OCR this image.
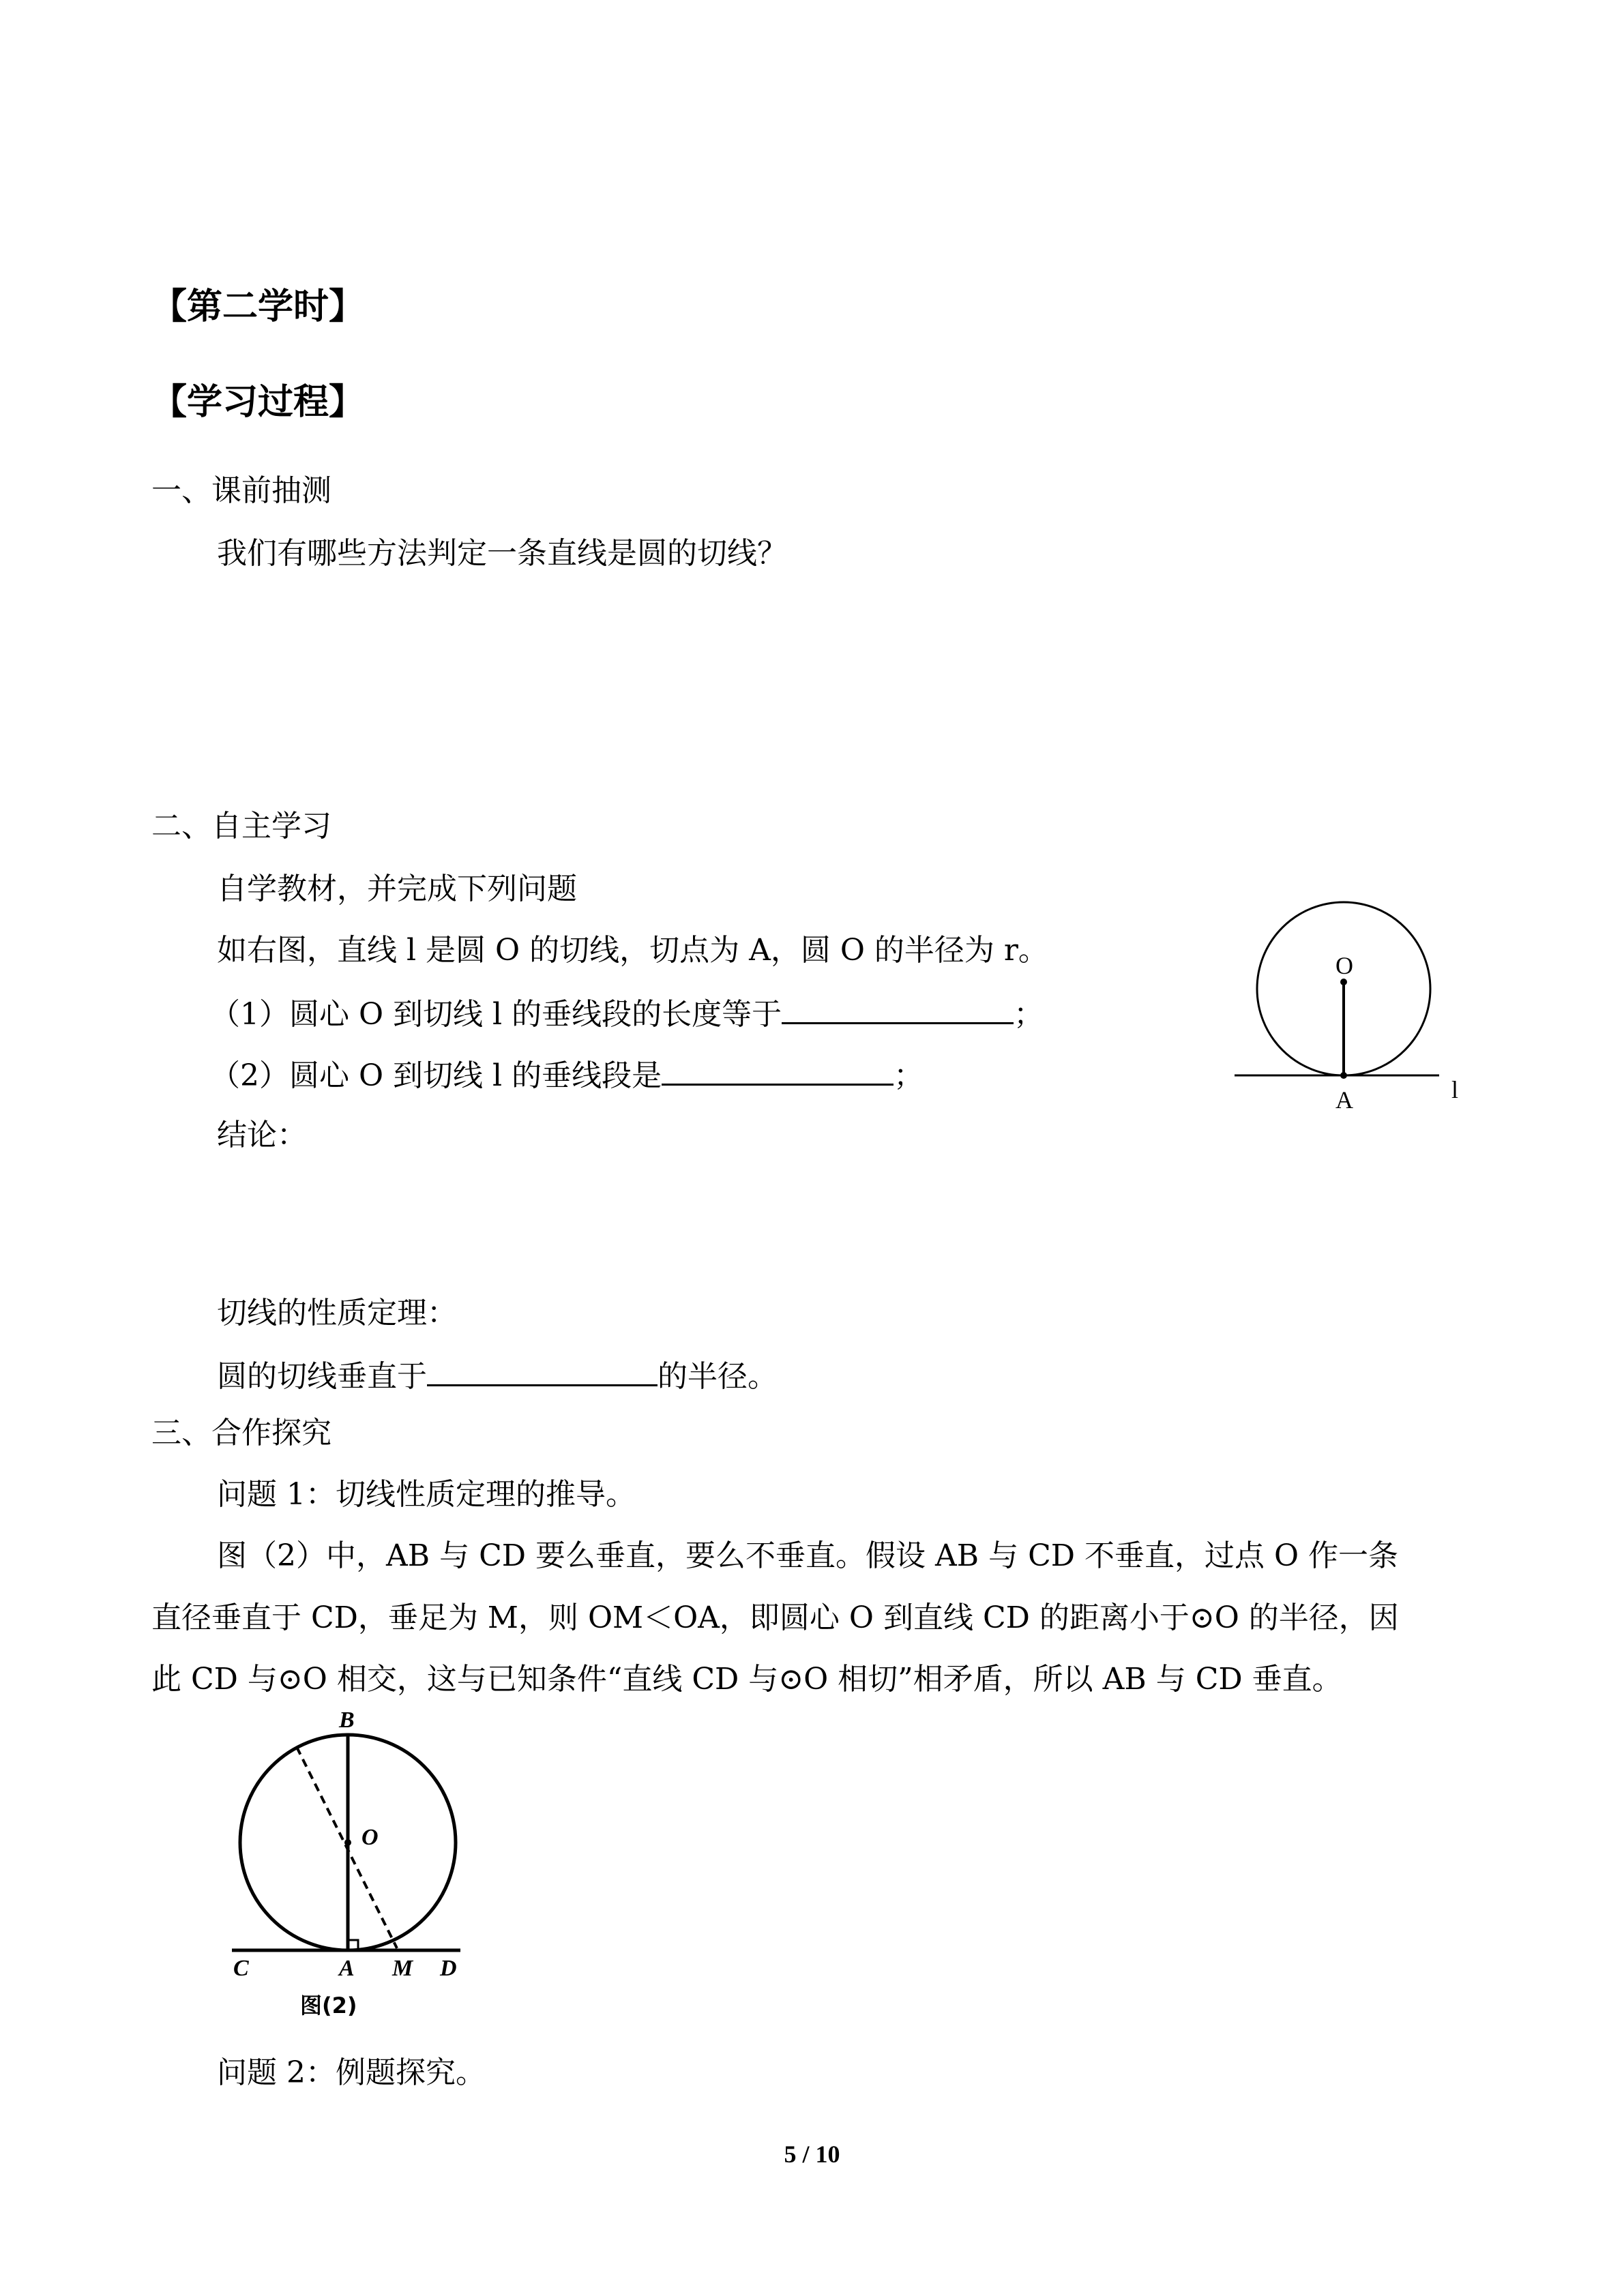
【第二学时】
【学习过程】
一、课前抽测
我们有哪些方法判定一条直线是圆的切线？
二、自主学习
自学教材，并完成下列问题
如右图，直线 l 是圆 O 的切线，切点为 A，圆 O 的半径为 r。
（1）圆心 O 到切线 l 的垂线段的长度等于	；
（2）圆心 O 到切线 l 的垂线段是	；
结论：
切线的性质定理：
圆的切线垂直于	的半径。
O
A	l
三、合作探究
问题 1：切线性质定理的推导。
图（2）中，AB 与 CD 要么垂直，要么不垂直。假设 AB 与 CD 不垂直，过点 O 作一条
直径垂直于 CD，垂足为 M，则 OM＜OA，即圆心 O 到直线 CD 的距离小于⊙O 的半径，因
此 CD 与⊙O 相交，这与已知条件“直线 CD 与⊙O 相切”相矛盾，所以 AB 与 CD 垂直。
B
O
C	A M D
图(2)
问题 2：例题探究。
5 / 10
